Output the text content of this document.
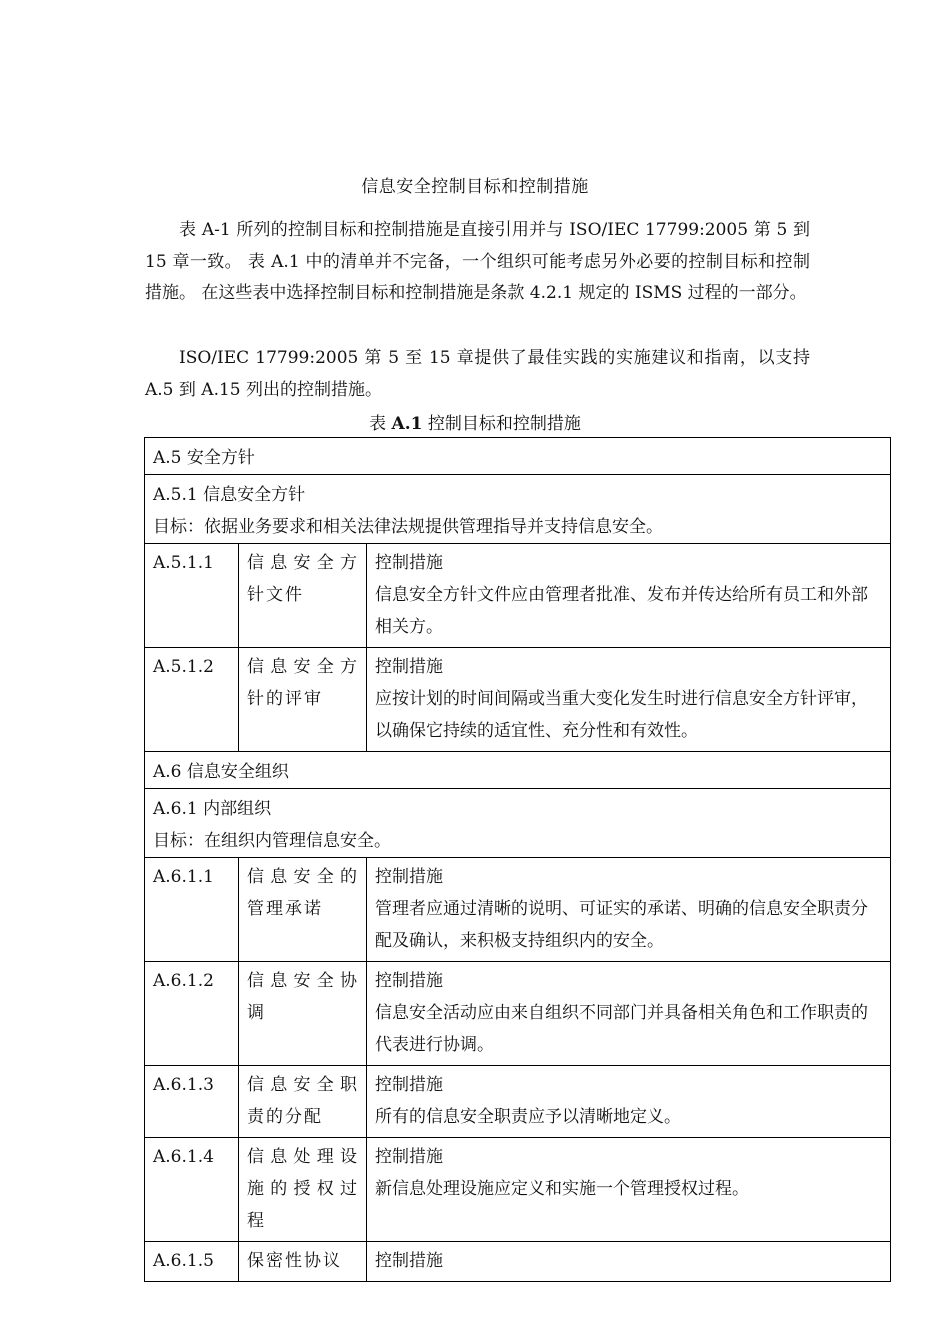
信息安全控制目标和控制措施

表 A-1 所列的控制目标和控制措施是直接引用并与 ISO/IEC 17799:2005 第 5 到 15 章一致。 表 A.1 中的清单并不完备，一个组织可能考虑另外必要的控制目标和控制措施。 在这些表中选择控制目标和控制措施是条款 4.2.1 规定的 ISMS 过程的一部分。

ISO/IEC 17799:2005 第 5 至 15 章提供了最佳实践的实施建议和指南，以支持 A.5 到 A.15 列出的控制措施。

表 A.1 控制目标和控制措施
A.5 安全方针		

A.5.1 信息安全方针
目标：依据业务要求和相关法律法规提供管理指导并支持信息安全。		

A.5.1.1	信息安全方针文件	控制措施
信息安全方针文件应由管理者批准、发布并传达给所有员工和外部相关方。

A.5.1.2	信息安全方针的评审	控制措施
应按计划的时间间隔或当重大变化发生时进行信息安全方针评审，以确保它持续的适宜性、充分性和有效性。

A.6 信息安全组织		

A.6.1 内部组织
目标：在组织内管理信息安全。		

A.6.1.1	信息安全的管理承诺	控制措施
管理者应通过清晰的说明、可证实的承诺、明确的信息安全职责分配及确认，来积极支持组织内的安全。

A.6.1.2	信息安全协调	控制措施
信息安全活动应由来自组织不同部门并具备相关角色和工作职责的代表进行协调。

A.6.1.3	信息安全职责的分配	控制措施
所有的信息安全职责应予以清晰地定义。

A.6.1.4	信息处理设施的授权过程	控制措施
新信息处理设施应定义和实施一个管理授权过程。

A.6.1.5	保密性协议	控制措施
